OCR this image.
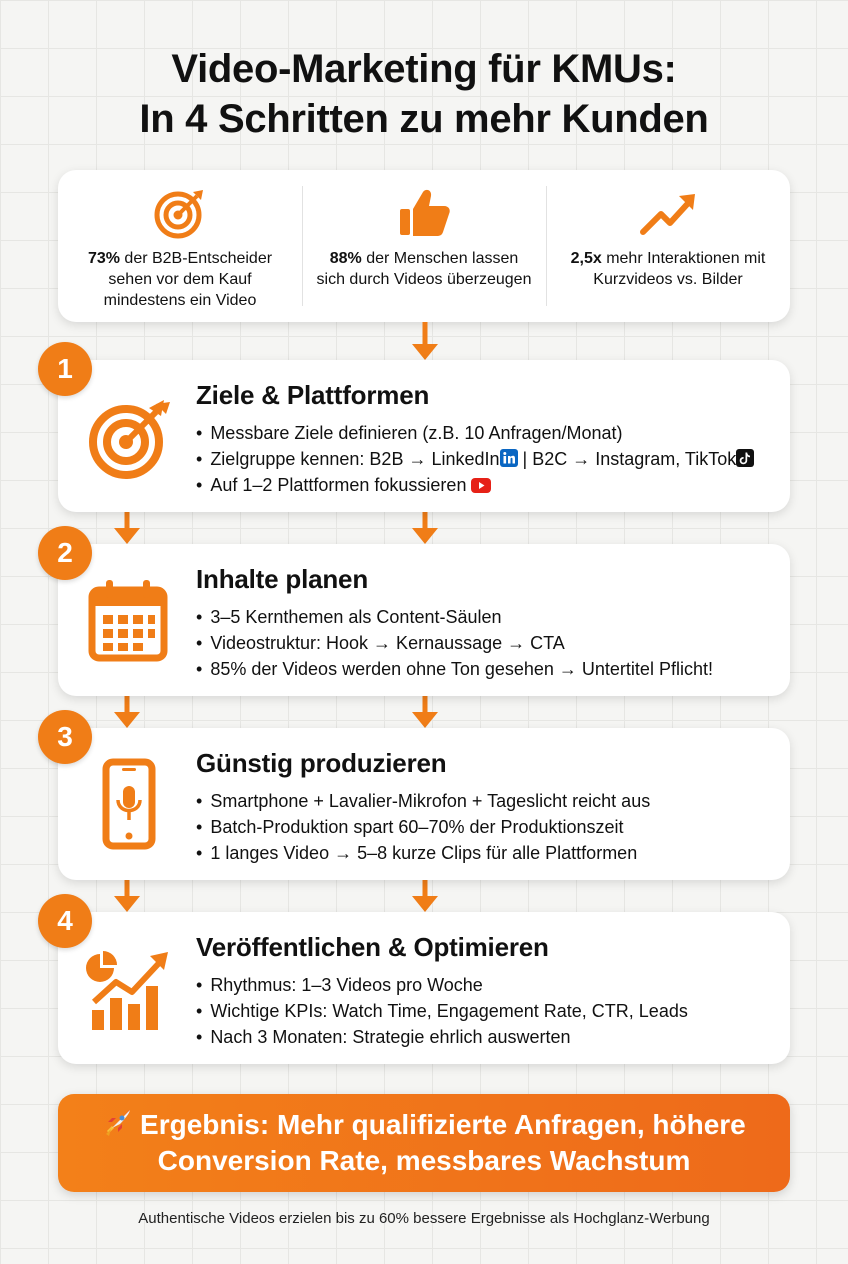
Video-Marketing für KMUs:
In 4 Schritten zu mehr Kunden
73% der B2B-Entscheider sehen vor dem Kauf mindestens ein Video
88% der Menschen lassen sich durch Videos überzeugen
2,5x mehr Interaktionen mit Kurzvideos vs. Bilder
Ziele & Plattformen
• Messbare Ziele definieren (z.B. 10 Anfragen/Monat)
• Zielgruppe kennen: B2B → LinkedIn | B2C → Instagram, TikTok
• Auf 1–2 Plattformen fokussieren
1
Inhalte planen
• 3–5 Kernthemen als Content-Säulen
• Videostruktur: Hook → Kernaussage → CTA
• 85% der Videos werden ohne Ton gesehen → Untertitel Pflicht!
2
Günstig produzieren
• Smartphone + Lavalier-Mikrofon + Tageslicht reicht aus
• Batch-Produktion spart 60–70% der Produktionszeit
• 1 langes Video → 5–8 kurze Clips für alle Plattformen
3
Veröffentlichen & Optimieren
• Rhythmus: 1–3 Videos pro Woche
• Wichtige KPIs: Watch Time, Engagement Rate, CTR, Leads
• Nach 3 Monaten: Strategie ehrlich auswerten
4
Ergebnis: Mehr qualifizierte Anfragen, höhere
Conversion Rate, messbares Wachstum
Authentische Videos erzielen bis zu 60% bessere Ergebnisse als Hochglanz-Werbung
